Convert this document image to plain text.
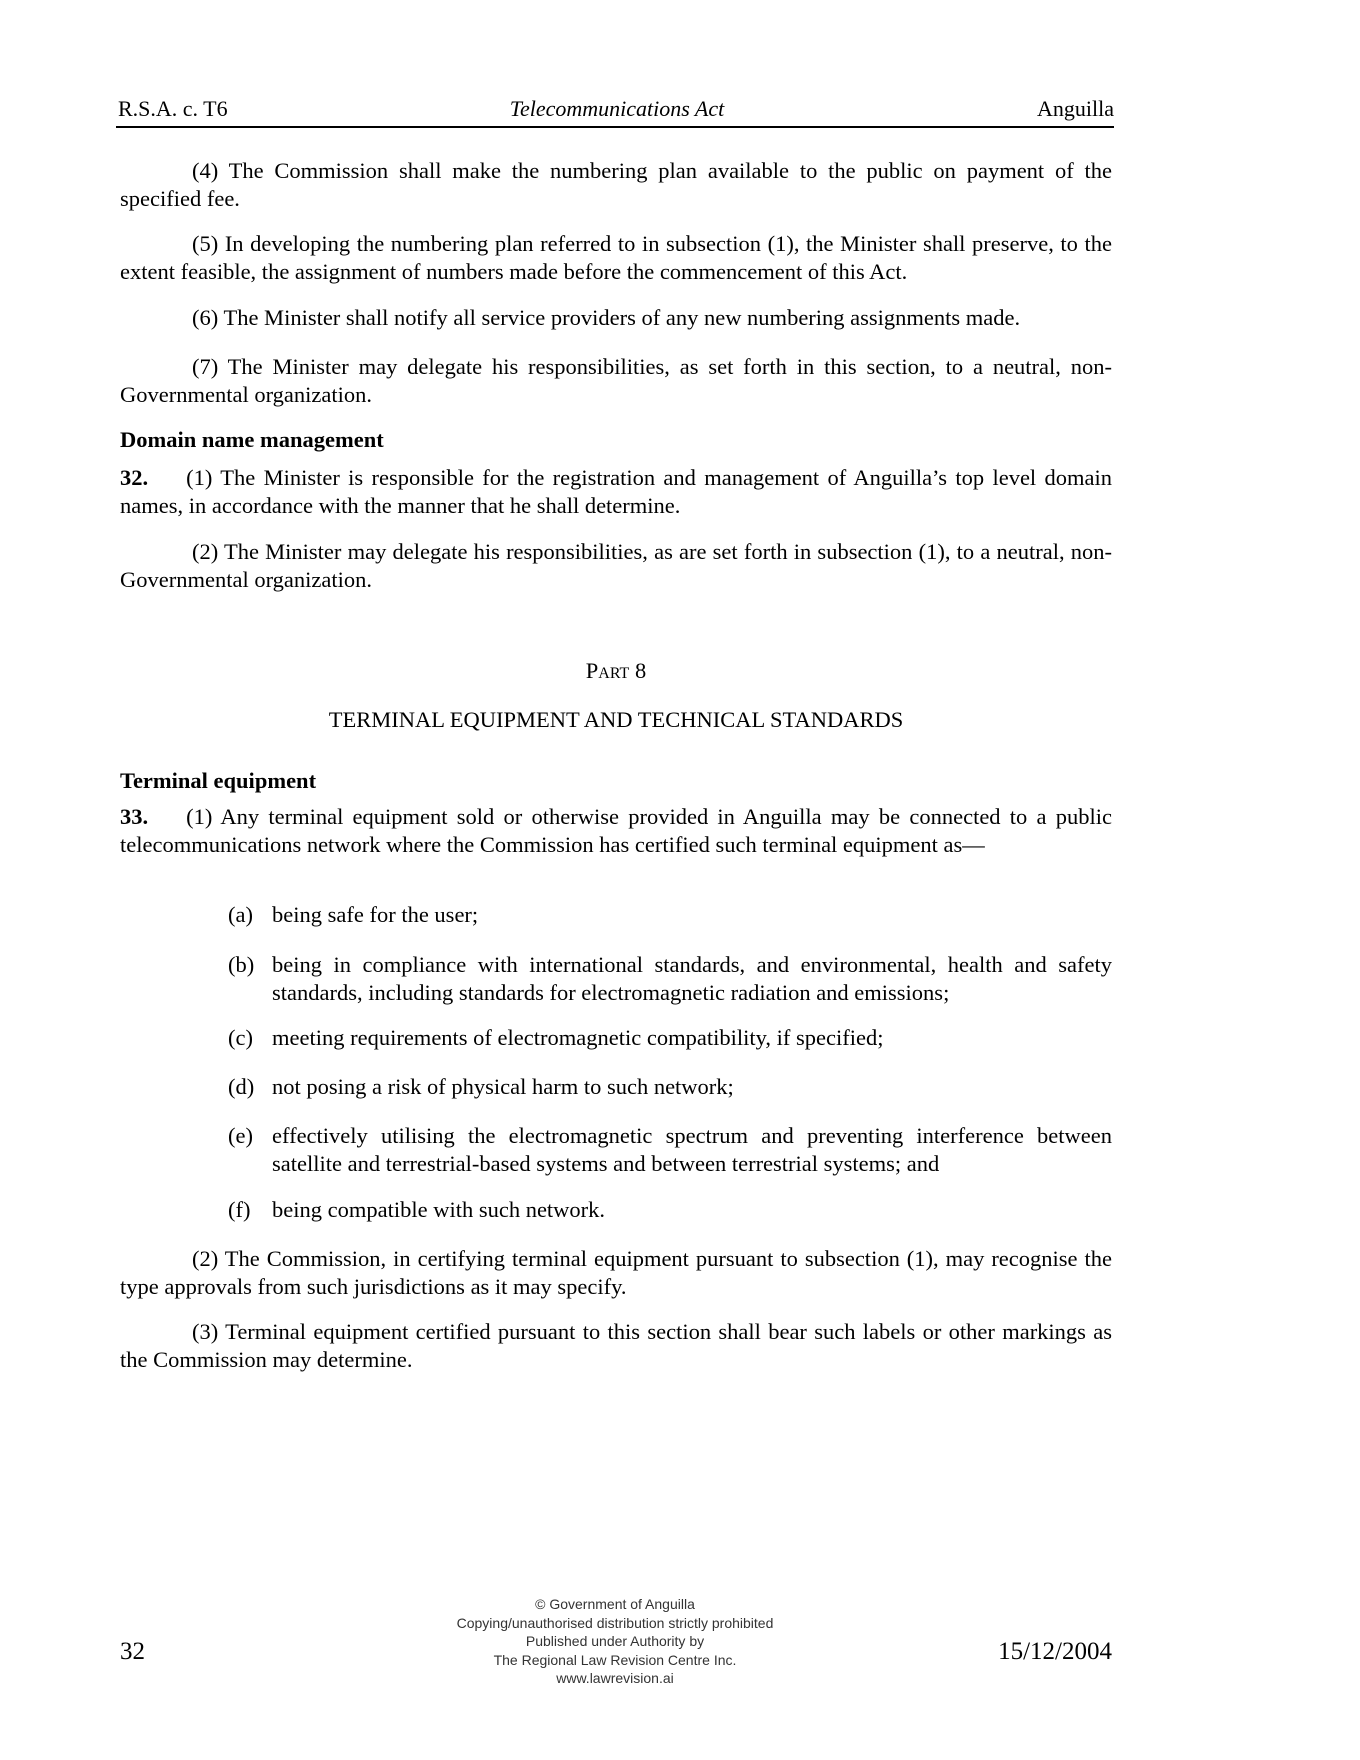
R.S.A. c. T6	Telecommunications Act	Anguilla
(4) The Commission shall make the numbering plan available to the public on payment of the specified fee.
(5) In developing the numbering plan referred to in subsection (1), the Minister shall preserve, to the extent feasible, the assignment of numbers made before the commencement of this Act.
(6) The Minister shall notify all service providers of any new numbering assignments made.
(7) The Minister may delegate his responsibilities, as set forth in this section, to a neutral, non-Governmental organization.
Domain name management
32. (1) The Minister is responsible for the registration and management of Anguilla’s top level domain names, in accordance with the manner that he shall determine.
(2) The Minister may delegate his responsibilities, as are set forth in subsection (1), to a neutral, non-Governmental organization.
Part 8
TERMINAL EQUIPMENT AND TECHNICAL STANDARDS
Terminal equipment
33. (1) Any terminal equipment sold or otherwise provided in Anguilla may be connected to a public telecommunications network where the Commission has certified such terminal equipment as—
(a) being safe for the user;
(b) being in compliance with international standards, and environmental, health and safety standards, including standards for electromagnetic radiation and emissions;
(c) meeting requirements of electromagnetic compatibility, if specified;
(d) not posing a risk of physical harm to such network;
(e) effectively utilising the electromagnetic spectrum and preventing interference between satellite and terrestrial-based systems and between terrestrial systems; and
(f) being compatible with such network.
(2) The Commission, in certifying terminal equipment pursuant to subsection (1), may recognise the type approvals from such jurisdictions as it may specify.
(3) Terminal equipment certified pursuant to this section shall bear such labels or other markings as the Commission may determine.
© Government of Anguilla
Copying/unauthorised distribution strictly prohibited
Published under Authority by
The Regional Law Revision Centre Inc.
www.lawrevision.ai
32	15/12/2004
